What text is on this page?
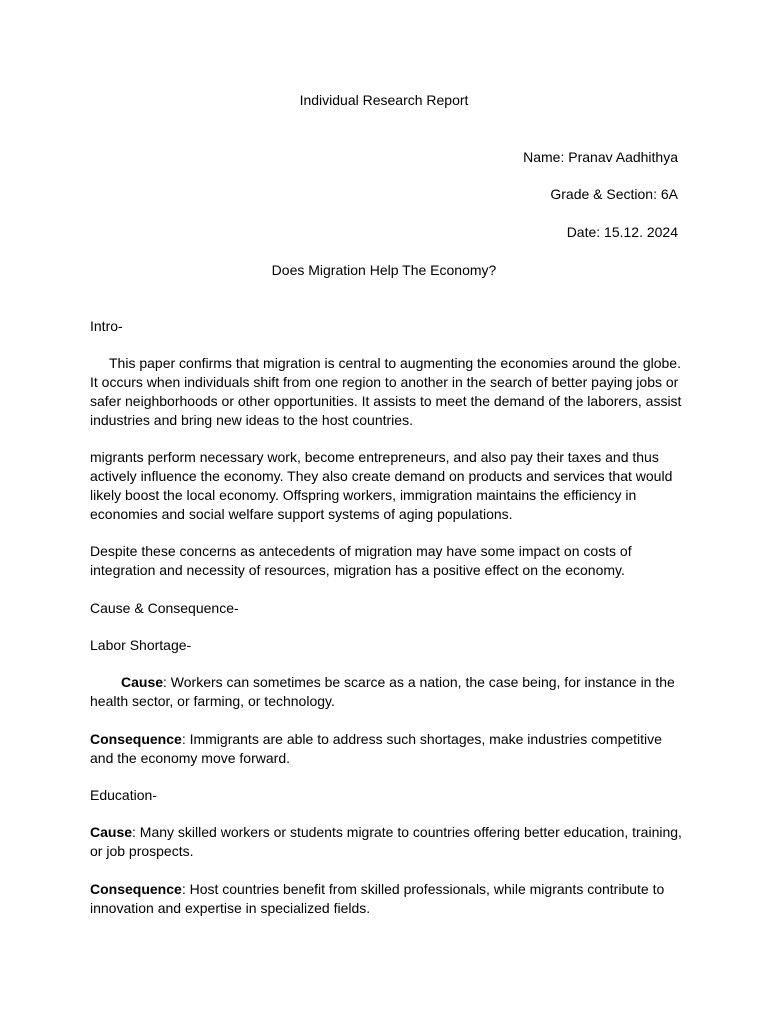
Individual Research Report
Name: Pranav Aadhithya
Grade & Section: 6A
Date: 15.12. 2024
Does Migration Help The Economy?
Intro-
This paper confirms that migration is central to augmenting the economies around the globe.
It occurs when individuals shift from one region to another in the search of better paying jobs or
safer neighborhoods or other opportunities. It assists to meet the demand of the laborers, assist
industries and bring new ideas to the host countries.
migrants perform necessary work, become entrepreneurs, and also pay their taxes and thus
actively influence the economy. They also create demand on products and services that would
likely boost the local economy. Offspring workers, immigration maintains the efficiency in
economies and social welfare support systems of aging populations.
Despite these concerns as antecedents of migration may have some impact on costs of
integration and necessity of resources, migration has a positive effect on the economy.
Cause & Consequence-
Labor Shortage-
Cause: Workers can sometimes be scarce as a nation, the case being, for instance in the
health sector, or farming, or technology.
Consequence: Immigrants are able to address such shortages, make industries competitive
and the economy move forward.
Education-
Cause: Many skilled workers or students migrate to countries offering better education, training,
or job prospects.
Consequence: Host countries benefit from skilled professionals, while migrants contribute to
innovation and expertise in specialized fields.
